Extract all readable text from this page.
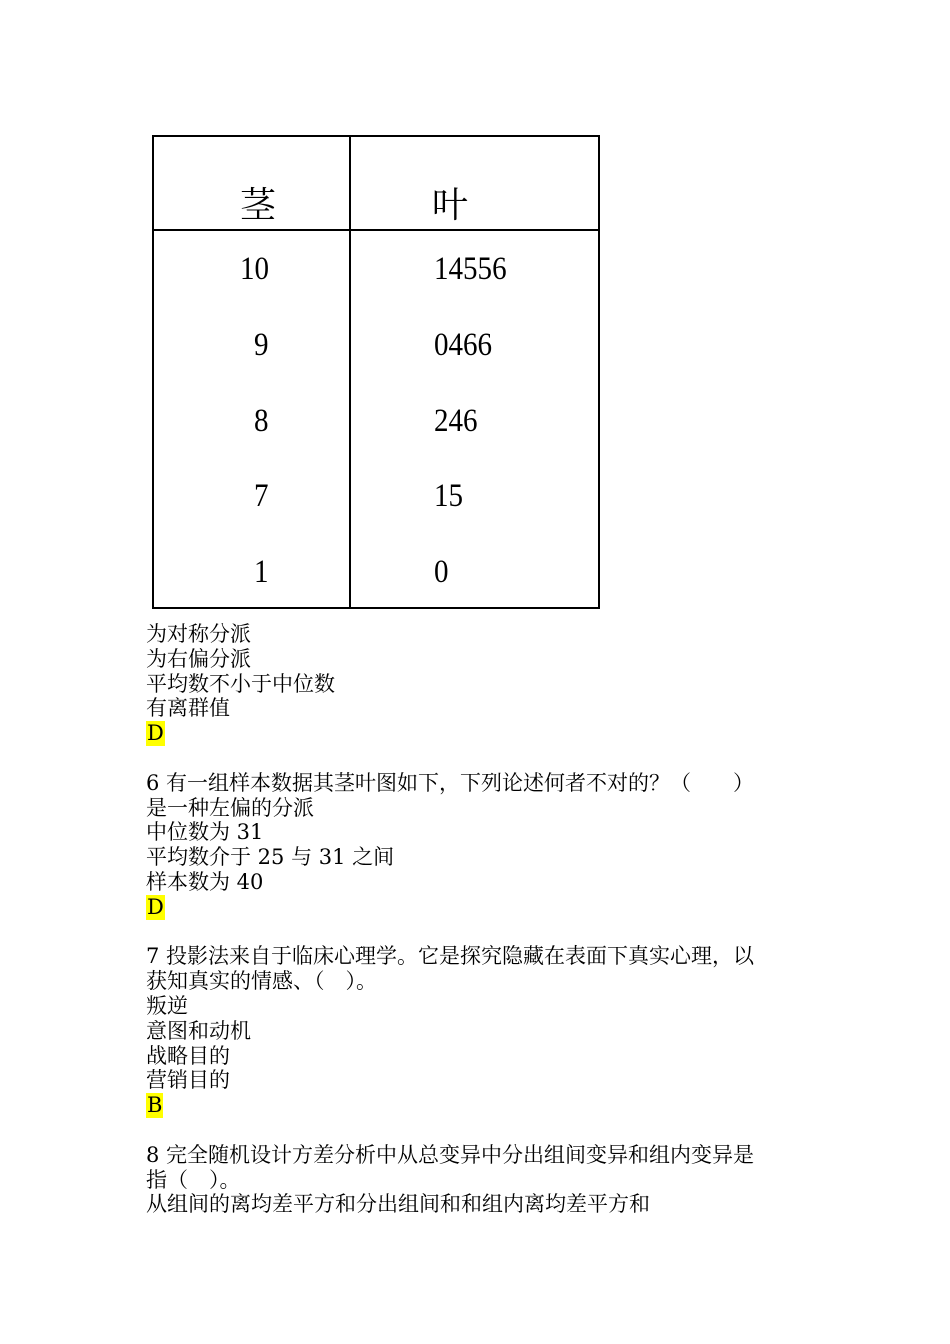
茎	叶
10	14556
9	0466
8	246
7	15
1	0
为对称分派
为右偏分派
平均数不小于中位数
有离群值
D
6 有一组样本数据其茎叶图如下，下列论述何者不对的？（　　）
是一种左偏的分派
中位数为 31
平均数介于 25 与 31 之间
样本数为 40
D
7 投影法来自于临床心理学。它是探究隐藏在表面下真实心理，以
获知真实的情感、（　）。
叛逆
意图和动机
战略目的
营销目的
B
8 完全随机设计方差分析中从总变异中分出组间变异和组内变异是
指（　）。
从组间的离均差平方和分出组间和和组内离均差平方和
